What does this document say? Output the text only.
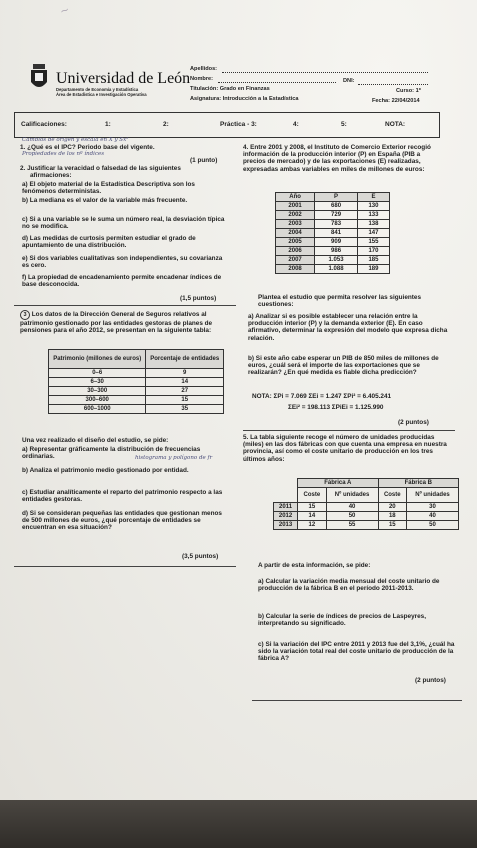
~
Universidad de León
Departamento de Economía y Estadística
Área de Estadística e Investigación Operativa
Apellidos:
Nombre:	DNI:
Titulación: Grado en Finanzas	Curso: 1º
Asignatura: Introducción a la Estadística	Fecha: 22/04/2014
Calificaciones:	1:	2:	Práctica - 3:	4:	5:	NOTA:
Cambios de origen y escala en X y Sx²
Propiedades de los nº índices
1. ¿Qué es el IPC? Periodo base del vigente.
(1 punto)
2. Justificar la veracidad o falsedad de las siguientes
afirmaciones:
a) El objeto material de la Estadística Descriptiva son los fenómenos deterministas.
b) La mediana es el valor de la variable más frecuente.
c) Si a una variable se le suma un número real, la desviación típica no se modifica.
d) Las medidas de curtosis permiten estudiar el grado de apuntamiento de una distribución.
e) Si dos variables cualitativas son independientes, su covarianza es cero.
f) La propiedad de encadenamiento permite encadenar índices de base desconocida.
(1,5 puntos)
3 Los datos de la Dirección General de Seguros relativos al patrimonio gestionado por las entidades gestoras de planes de pensiones para el año 2012, se presentan en la siguiente tabla:
Patrimonio (millones de euros)	Porcentaje de entidades
0–6	9
6–30	14
30–300	27
300–600	15
600–1000	35
Una vez realizado el diseño del estudio, se pide:
a) Representar gráficamente la distribución de frecuencias ordinarias.	histograma y polígono de fr
b) Analiza el patrimonio medio gestionado por entidad.
c) Estudiar analíticamente el reparto del patrimonio respecto a las entidades gestoras.
d) Si se consideran pequeñas las entidades que gestionan menos de 500 millones de euros, ¿qué porcentaje de entidades se encuentran en esa situación?
(3,5 puntos)
4. Entre 2001 y 2008, el Instituto de Comercio Exterior recogió información de la producción interior (P) en España (PIB a precios de mercado) y de las exportaciones (E) realizadas, expresadas ambas variables en miles de millones de euros:
Año	P	E
2001	680	130
2002	729	133
2003	783	138
2004	841	147
2005	909	155
2006	986	170
2007	1.053	185
2008	1.088	189
Plantea el estudio que permita resolver las siguientes cuestiones:
a) Analizar si es posible establecer una relación entre la producción interior (P) y la demanda exterior (E). En caso afirmativo, determinar la expresión del modelo que expresa dicha relación.
b) Si este año cabe esperar un PIB de 850 miles de millones de euros, ¿cuál será el importe de las exportaciones que se realizarán? ¿En qué medida es fiable dicha predicción?
NOTA: ΣPi = 7.069 ΣEi = 1.247 ΣPi² = 6.405.241
ΣEi² = 198.113 ΣPiEi = 1.125.990
(2 puntos)
5. La tabla siguiente recoge el número de unidades producidas (miles) en las dos fábricas con que cuenta una empresa en nuestra provincia, así como el coste unitario de producción en los tres últimos años:
	Fábrica A		Fábrica B	
	Coste	Nº unidades	Coste	Nº unidades
2011	15	40	20	30
2012	14	50	18	40
2013	12	55	15	50
A partir de esta información, se pide:
a) Calcular la variación media mensual del coste unitario de producción de la fábrica B en el período 2011-2013.
b) Calcular la serie de índices de precios de Laspeyres, interpretando su significado.
c) Si la variación del IPC entre 2011 y 2013 fue del 3,1%, ¿cuál ha sido la variación total real del coste unitario de producción de la fábrica A?
(2 puntos)
